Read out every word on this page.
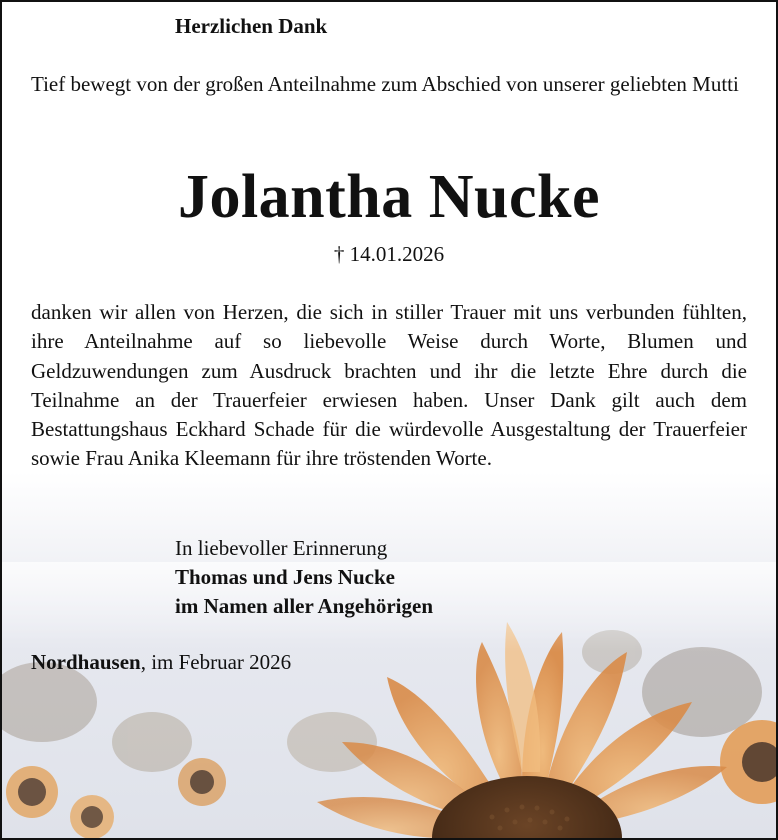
Herzlichen Dank

Tief bewegt von der großen Anteilnahme zum Abschied von unserer geliebten Mutti

Jolantha Nucke

† 14.01.2026

danken wir allen von Herzen, die sich in stiller Trauer mit uns verbunden fühlten, ihre Anteilnahme auf so liebevolle Weise durch Worte, Blumen und Geldzuwendungen zum Ausdruck brachten und ihr die letzte Ehre durch die Teilnahme an der Trauerfeier erwiesen haben. Unser Dank gilt auch dem Bestattungshaus Eckhard Schade für die würdevolle Ausgestaltung der Trauerfeier sowie Frau Anika Kleemann für ihre tröstenden Worte.

In liebevoller Erinnerung
Thomas und Jens Nucke
im Namen aller Angehörigen

Nordhausen, im Februar 2026
